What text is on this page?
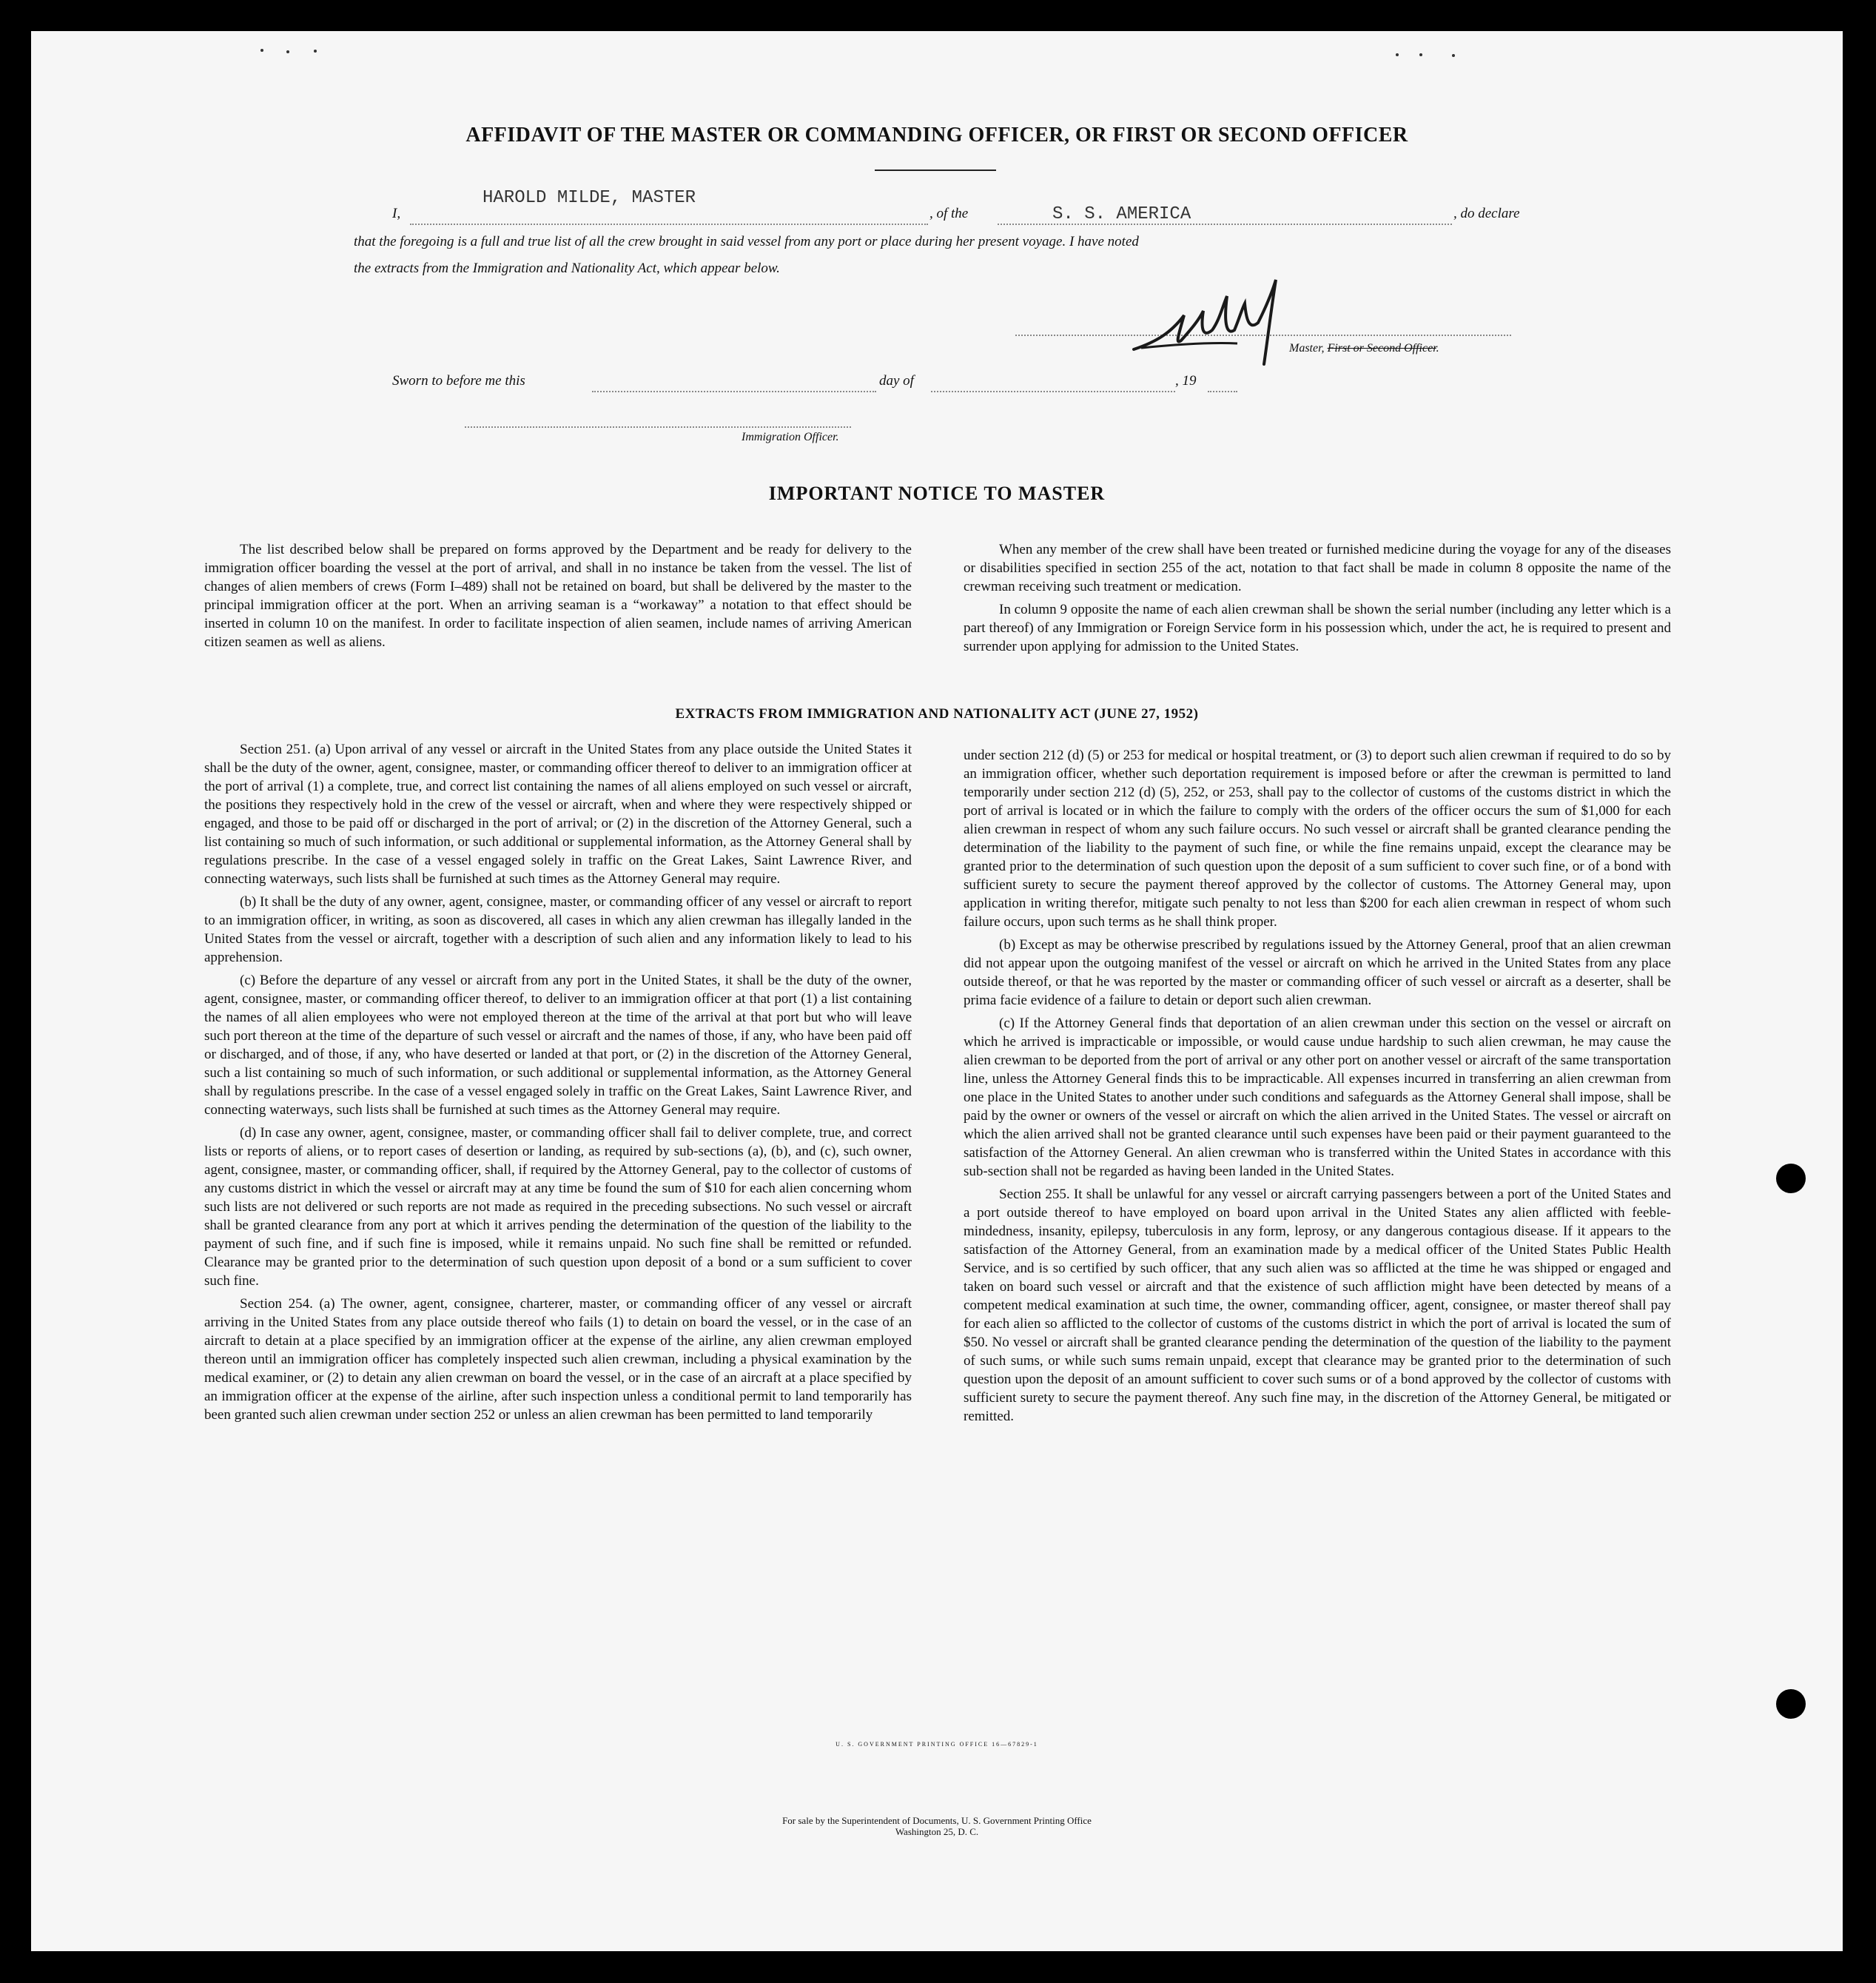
AFFIDAVIT OF THE MASTER OR COMMANDING OFFICER, OR FIRST OR SECOND OFFICER
I,
HAROLD MILDE, MASTER
, of the	S. S. AMERICA	, do declare
that the foregoing is a full and true list of all the crew brought in said vessel from any port or place during her present voyage. I have noted
the extracts from the Immigration and Nationality Act, which appear below.
Master, First or Second Officer.
Sworn to before me this	day of	, 19
Immigration Officer.
IMPORTANT NOTICE TO MASTER

The list described below shall be prepared on forms approved by the Department and be ready for delivery to the immigration officer boarding the vessel at the port of arrival, and shall in no instance be taken from the vessel. The list of changes of alien members of crews (Form I–489) shall not be retained on board, but shall be delivered by the master to the principal immigration officer at the port. When an arriving seaman is a “workaway” a notation to that effect should be inserted in column 10 on the manifest. In order to facilitate inspection of alien seamen, include names of arriving American citizen seamen as well as aliens.

When any member of the crew shall have been treated or furnished medicine during the voyage for any of the diseases or disabilities specified in section 255 of the act, notation to that fact shall be made in column 8 opposite the name of the crewman receiving such treatment or medication.

In column 9 opposite the name of each alien crewman shall be shown the serial number (including any letter which is a part thereof) of any Immigration or Foreign Service form in his possession which, under the act, he is required to present and surrender upon applying for admission to the United States.

EXTRACTS FROM IMMIGRATION AND NATIONALITY ACT (JUNE 27, 1952)

Section 251. (a) Upon arrival of any vessel or aircraft in the United States from any place outside the United States it shall be the duty of the owner, agent, consignee, master, or commanding officer thereof to deliver to an immigration officer at the port of arrival (1) a complete, true, and correct list containing the names of all aliens employed on such vessel or aircraft, the positions they respectively hold in the crew of the vessel or aircraft, when and where they were respectively shipped or engaged, and those to be paid off or discharged in the port of arrival; or (2) in the discretion of the Attorney General, such a list containing so much of such information, or such additional or supplemental information, as the Attorney General shall by regulations prescribe. In the case of a vessel engaged solely in traffic on the Great Lakes, Saint Lawrence River, and connecting waterways, such lists shall be furnished at such times as the Attorney General may require.

(b) It shall be the duty of any owner, agent, consignee, master, or commanding officer of any vessel or aircraft to report to an immigration officer, in writing, as soon as discovered, all cases in which any alien crewman has illegally landed in the United States from the vessel or aircraft, together with a description of such alien and any information likely to lead to his apprehension.

(c) Before the departure of any vessel or aircraft from any port in the United States, it shall be the duty of the owner, agent, consignee, master, or commanding officer thereof, to deliver to an immigration officer at that port (1) a list containing the names of all alien employees who were not employed thereon at the time of the arrival at that port but who will leave such port thereon at the time of the departure of such vessel or aircraft and the names of those, if any, who have been paid off or discharged, and of those, if any, who have deserted or landed at that port, or (2) in the discretion of the Attorney General, such a list containing so much of such information, or such additional or supplemental information, as the Attorney General shall by regulations prescribe. In the case of a vessel engaged solely in traffic on the Great Lakes, Saint Lawrence River, and connecting waterways, such lists shall be furnished at such times as the Attorney General may require.

(d) In case any owner, agent, consignee, master, or commanding officer shall fail to deliver complete, true, and correct lists or reports of aliens, or to report cases of desertion or landing, as required by sub-sections (a), (b), and (c), such owner, agent, consignee, master, or commanding officer, shall, if required by the Attorney General, pay to the collector of customs of any customs district in which the vessel or aircraft may at any time be found the sum of $10 for each alien concerning whom such lists are not delivered or such reports are not made as required in the preceding subsections. No such vessel or aircraft shall be granted clearance from any port at which it arrives pending the determination of the question of the liability to the payment of such fine, and if such fine is imposed, while it remains unpaid. No such fine shall be remitted or refunded. Clearance may be granted prior to the determination of such question upon deposit of a bond or a sum sufficient to cover such fine.

Section 254. (a) The owner, agent, consignee, charterer, master, or commanding officer of any vessel or aircraft arriving in the United States from any place outside thereof who fails (1) to detain on board the vessel, or in the case of an aircraft to detain at a place specified by an immigration officer at the expense of the airline, any alien crewman employed thereon until an immigration officer has completely inspected such alien crewman, including a physical examination by the medical examiner, or (2) to detain any alien crewman on board the vessel, or in the case of an aircraft at a place specified by an immigration officer at the expense of the airline, after such inspection unless a conditional permit to land temporarily has been granted such alien crewman under section 252 or unless an alien crewman has been permitted to land temporarily

under section 212 (d) (5) or 253 for medical or hospital treatment, or (3) to deport such alien crewman if required to do so by an immigration officer, whether such deportation requirement is imposed before or after the crewman is permitted to land temporarily under section 212 (d) (5), 252, or 253, shall pay to the collector of customs of the customs district in which the port of arrival is located or in which the failure to comply with the orders of the officer occurs the sum of $1,000 for each alien crewman in respect of whom any such failure occurs. No such vessel or aircraft shall be granted clearance pending the determination of the liability to the payment of such fine, or while the fine remains unpaid, except the clearance may be granted prior to the determination of such question upon the deposit of a sum sufficient to cover such fine, or of a bond with sufficient surety to secure the payment thereof approved by the collector of customs. The Attorney General may, upon application in writing therefor, mitigate such penalty to not less than $200 for each alien crewman in respect of whom such failure occurs, upon such terms as he shall think proper.

(b) Except as may be otherwise prescribed by regulations issued by the Attorney General, proof that an alien crewman did not appear upon the outgoing manifest of the vessel or aircraft on which he arrived in the United States from any place outside thereof, or that he was reported by the master or commanding officer of such vessel or aircraft as a deserter, shall be prima facie evidence of a failure to detain or deport such alien crewman.

(c) If the Attorney General finds that deportation of an alien crewman under this section on the vessel or aircraft on which he arrived is impracticable or impossible, or would cause undue hardship to such alien crewman, he may cause the alien crewman to be deported from the port of arrival or any other port on another vessel or aircraft of the same transportation line, unless the Attorney General finds this to be impracticable. All expenses incurred in transferring an alien crewman from one place in the United States to another under such conditions and safeguards as the Attorney General shall impose, shall be paid by the owner or owners of the vessel or aircraft on which the alien arrived in the United States. The vessel or aircraft on which the alien arrived shall not be granted clearance until such expenses have been paid or their payment guaranteed to the satisfaction of the Attorney General. An alien crewman who is transferred within the United States in accordance with this sub-section shall not be regarded as having been landed in the United States.

Section 255. It shall be unlawful for any vessel or aircraft carrying passengers between a port of the United States and a port outside thereof to have employed on board upon arrival in the United States any alien afflicted with feeble-mindedness, insanity, epilepsy, tuberculosis in any form, leprosy, or any dangerous contagious disease. If it appears to the satisfaction of the Attorney General, from an examination made by a medical officer of the United States Public Health Service, and is so certified by such officer, that any such alien was so afflicted at the time he was shipped or engaged and taken on board such vessel or aircraft and that the existence of such affliction might have been detected by means of a competent medical examination at such time, the owner, commanding officer, agent, consignee, or master thereof shall pay for each alien so afflicted to the collector of customs of the customs district in which the port of arrival is located the sum of $50. No vessel or aircraft shall be granted clearance pending the determination of the question of the liability to the payment of such sums, or while such sums remain unpaid, except that clearance may be granted prior to the determination of such question upon the deposit of an amount sufficient to cover such sums or of a bond approved by the collector of customs with sufficient surety to secure the payment thereof. Any such fine may, in the discretion of the Attorney General, be mitigated or remitted.

U. S. GOVERNMENT PRINTING OFFICE 16—67829-1
For sale by the Superintendent of Documents, U. S. Government Printing Office
Washington 25, D. C.
